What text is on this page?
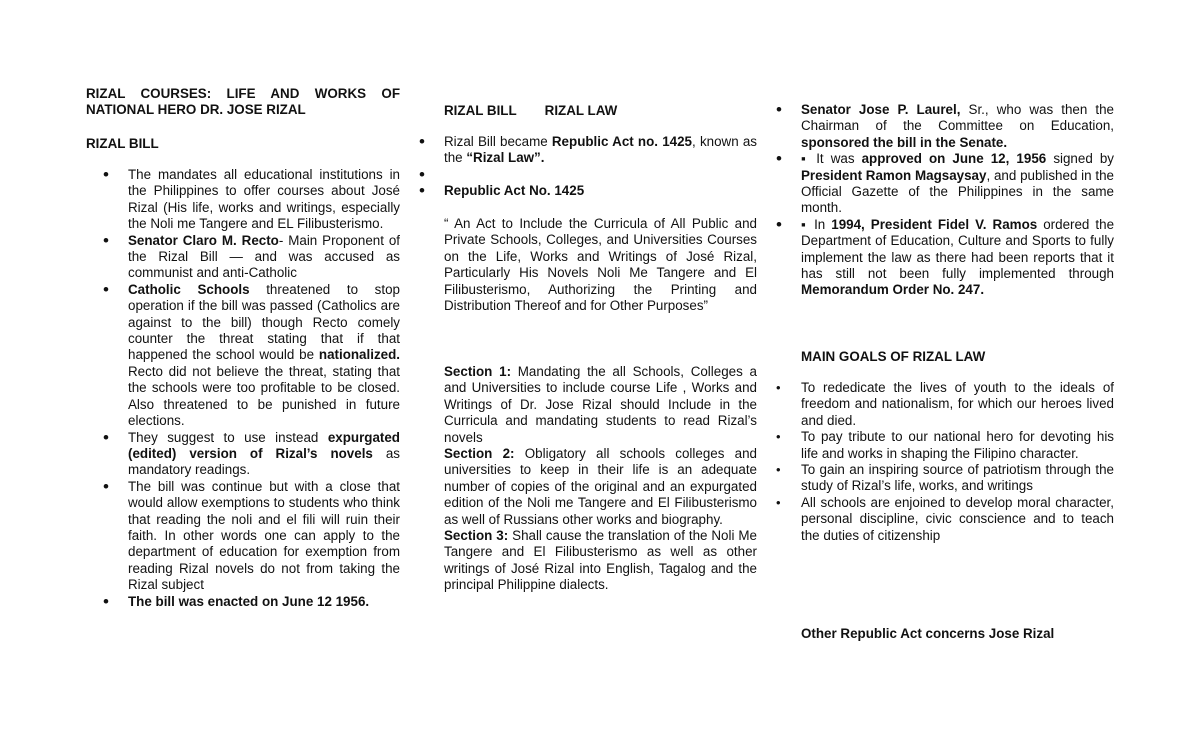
RIZAL COURSES: LIFE AND WORKS OF NATIONAL HERO DR. JOSE RIZAL
RIZAL BILL
• The mandates all educational institutions in the Philippines to offer courses about José Rizal (His life, works and writings, especially the Noli me Tangere and EL Filibusterismo.
• Senator Claro M. Recto- Main Proponent of the Rizal Bill — and was accused as communist and anti-Catholic
• Catholic Schools threatened to stop operation if the bill was passed (Catholics are against to the bill) though Recto comely counter the threat stating that if that happened the school would be nationalized. Recto did not believe the threat, stating that the schools were too profitable to be closed. Also threatened to be punished in future elections.
• They suggest to use instead expurgated (edited) version of Rizal’s novels as mandatory readings.
• The bill was continue but with a close that would allow exemptions to students who think that reading the noli and el fili will ruin their faith. In other words one can apply to the department of education for exemption from reading Rizal novels do not from taking the Rizal subject
• The bill was enacted on June 12 1956.
RIZAL BILL RIZAL LAW
• Rizal Bill became Republic Act no. 1425, known as the “Rizal Law”.
•
• Republic Act No. 1425
“ An Act to Include the Curricula of All Public and Private Schools, Colleges, and Universities Courses on the Life, Works and Writings of José Rizal, Particularly His Novels Noli Me Tangere and El Filibusterismo, Authorizing the Printing and Distribution Thereof and for Other Purposes”
Section 1: Mandating the all Schools, Colleges a and Universities to include course Life , Works and Writings of Dr. Jose Rizal should Include in the Curricula and mandating students to read Rizal’s novels
Section 2: Obligatory all schools colleges and universities to keep in their life is an adequate number of copies of the original and an expurgated edition of the Noli me Tangere and El Filibusterismo as well of Russians other works and biography.
Section 3: Shall cause the translation of the Noli Me Tangere and El Filibusterismo as well as other writings of José Rizal into English, Tagalog and the principal Philippine dialects.
• Senator Jose P. Laurel, Sr., who was then the Chairman of the Committee on Education, sponsored the bill in the Senate.
• ▪ It was approved on June 12, 1956 signed by President Ramon Magsaysay, and published in the Official Gazette of the Philippines in the same month.
• ▪ In 1994, President Fidel V. Ramos ordered the Department of Education, Culture and Sports to fully implement the law as there had been reports that it has still not been fully implemented through Memorandum Order No. 247.
MAIN GOALS OF RIZAL LAW
• To rededicate the lives of youth to the ideals of freedom and nationalism, for which our heroes lived and died.
• To pay tribute to our national hero for devoting his life and works in shaping the Filipino character.
• To gain an inspiring source of patriotism through the study of Rizal’s life, works, and writings
• All schools are enjoined to develop moral character, personal discipline, civic conscience and to teach the duties of citizenship
Other Republic Act concerns Jose Rizal
